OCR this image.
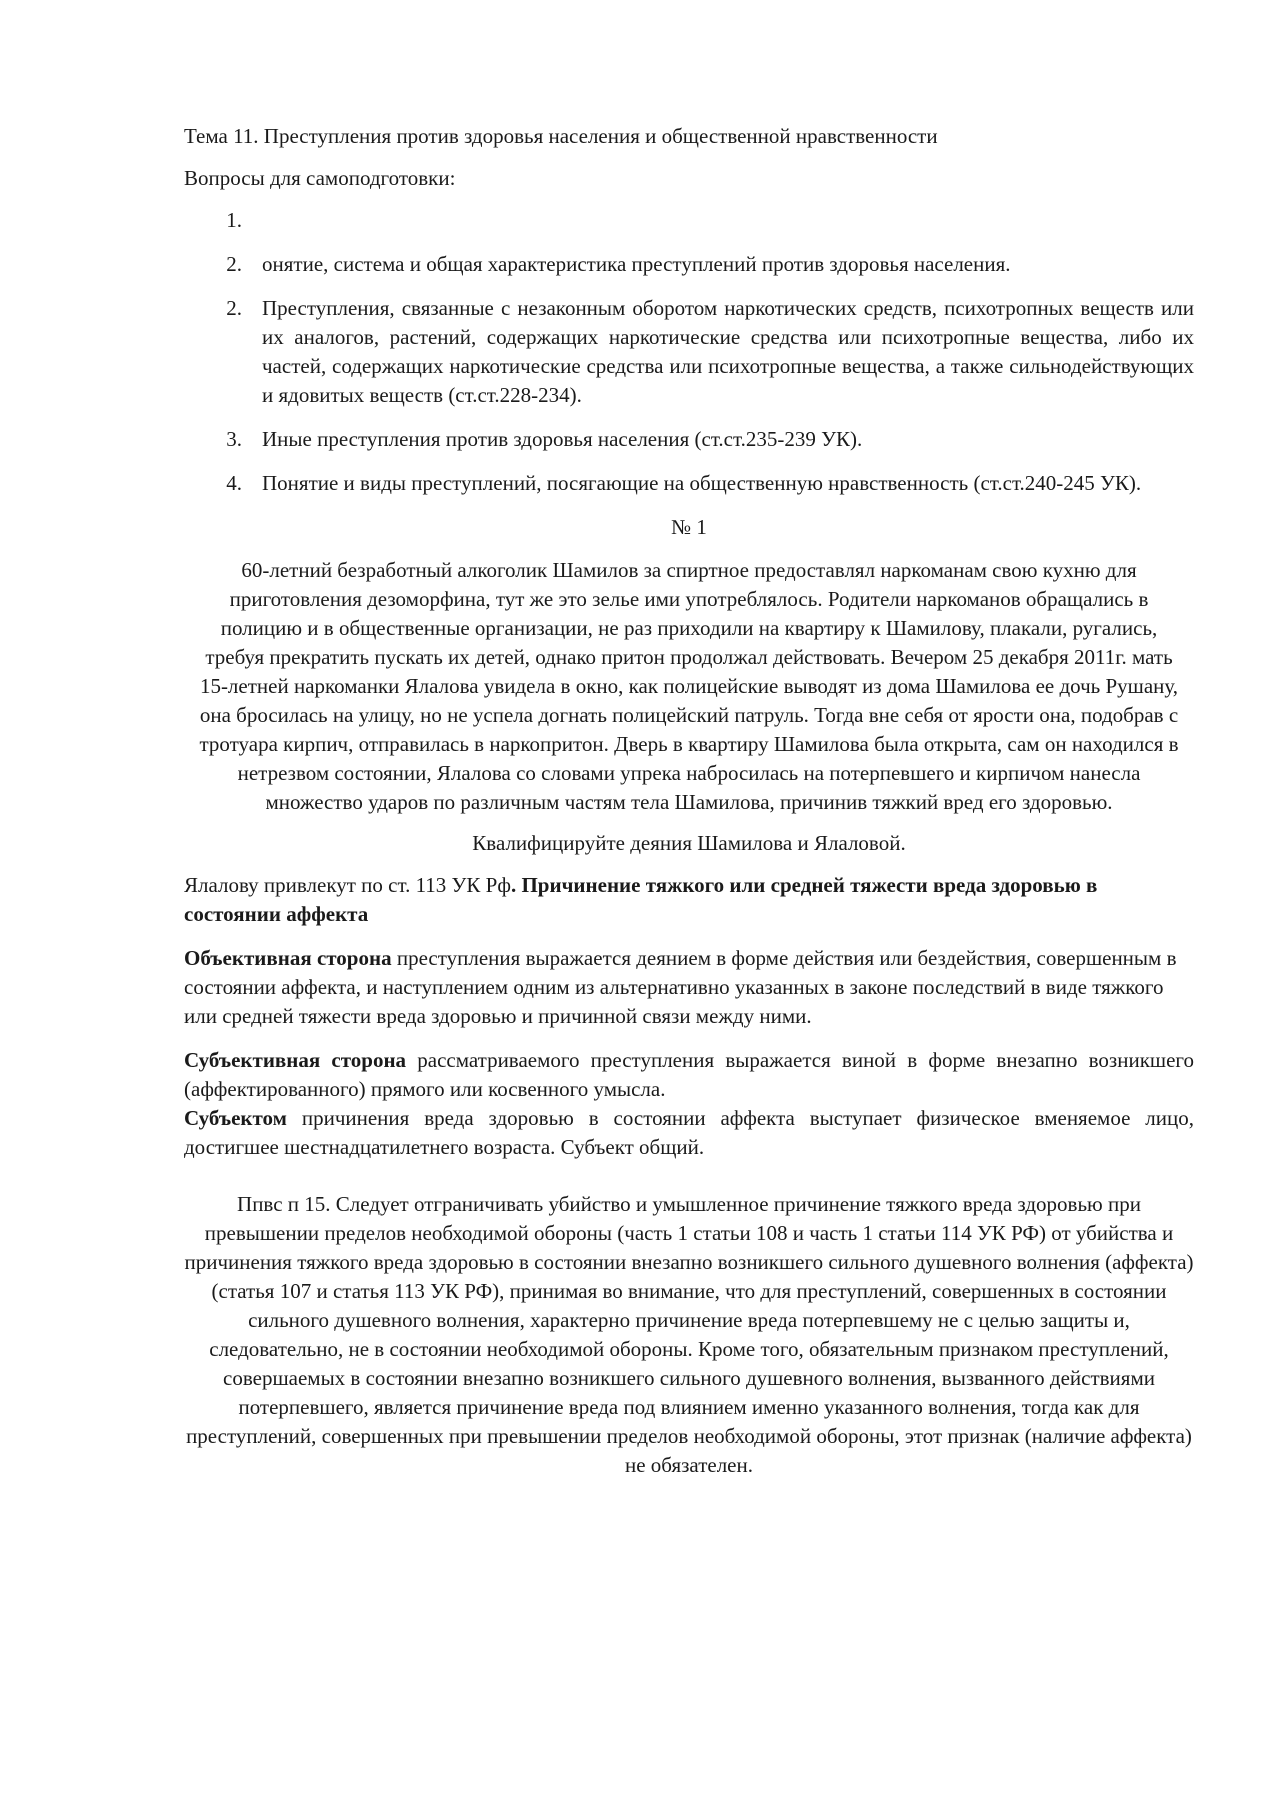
Тема 11. Преступления против здоровья населения и общественной нравственности

Вопросы для самоподготовки:

1.
2. онятие, система и общая характеристика преступлений против здоровья населения.
2. Преступления, связанные с незаконным оборотом наркотических средств, психотропных веществ или их аналогов, растений, содержащих наркотические средства или психотропные вещества, либо их частей, содержащих наркотические средства или психотропные вещества, а также сильнодействующих и ядовитых веществ (ст.ст.228-234).
3. Иные преступления против здоровья населения (ст.ст.235-239 УК).
4. Понятие и виды преступлений, посягающие на общественную нравственность (ст.ст.240-245 УК).

№ 1

60-летний безработный алкоголик Шамилов за спиртное предоставлял наркоманам свою кухню для приготовления дезоморфина, тут же это зелье ими употреблялось. Родители наркоманов обращались в полицию и в общественные организации, не раз приходили на квартиру к Шамилову, плакали, ругались, требуя прекратить пускать их детей, однако притон продолжал действовать. Вечером 25 декабря 2011г. мать 15-летней наркоманки Ялалова увидела в окно, как полицейские выводят из дома Шамилова ее дочь Рушану, она бросилась на улицу, но не успела догнать полицейский патруль. Тогда вне себя от ярости она, подобрав с тротуара кирпич, отправилась в наркопритон. Дверь в квартиру Шамилова была открыта, сам он находился в нетрезвом состоянии, Ялалова со словами упрека набросилась на потерпевшего и кирпичом нанесла множество ударов по различным частям тела Шамилова, причинив тяжкий вред его здоровью.

Квалифицируйте деяния Шамилова и Ялаловой.

Ялалову привлекут по ст. 113 УК Рф. Причинение тяжкого или средней тяжести вреда здоровью в состоянии аффекта

Объективная сторона преступления выражается деянием в форме действия или бездействия, совершенным в состоянии аффекта, и наступлением одним из альтернативно указанных в законе последствий в виде тяжкого или средней тяжести вреда здоровью и причинной связи между ними.

Субъективная сторона рассматриваемого преступления выражается виной в форме внезапно возникшего (аффектированного) прямого или косвенного умысла.

Субъектом причинения вреда здоровью в состоянии аффекта выступает физическое вменяемое лицо, достигшее шестнадцатилетнего возраста. Субъект общий.

Ппвс п 15. Следует отграничивать убийство и умышленное причинение тяжкого вреда здоровью при превышении пределов необходимой обороны (часть 1 статьи 108 и часть 1 статьи 114 УК РФ) от убийства и причинения тяжкого вреда здоровью в состоянии внезапно возникшего сильного душевного волнения (аффекта) (статья 107 и статья 113 УК РФ), принимая во внимание, что для преступлений, совершенных в состоянии сильного душевного волнения, характерно причинение вреда потерпевшему не с целью защиты и, следовательно, не в состоянии необходимой обороны. Кроме того, обязательным признаком преступлений, совершаемых в состоянии внезапно возникшего сильного душевного волнения, вызванного действиями потерпевшего, является причинение вреда под влиянием именно указанного волнения, тогда как для преступлений, совершенных при превышении пределов необходимой обороны, этот признак (наличие аффекта) не обязателен.
